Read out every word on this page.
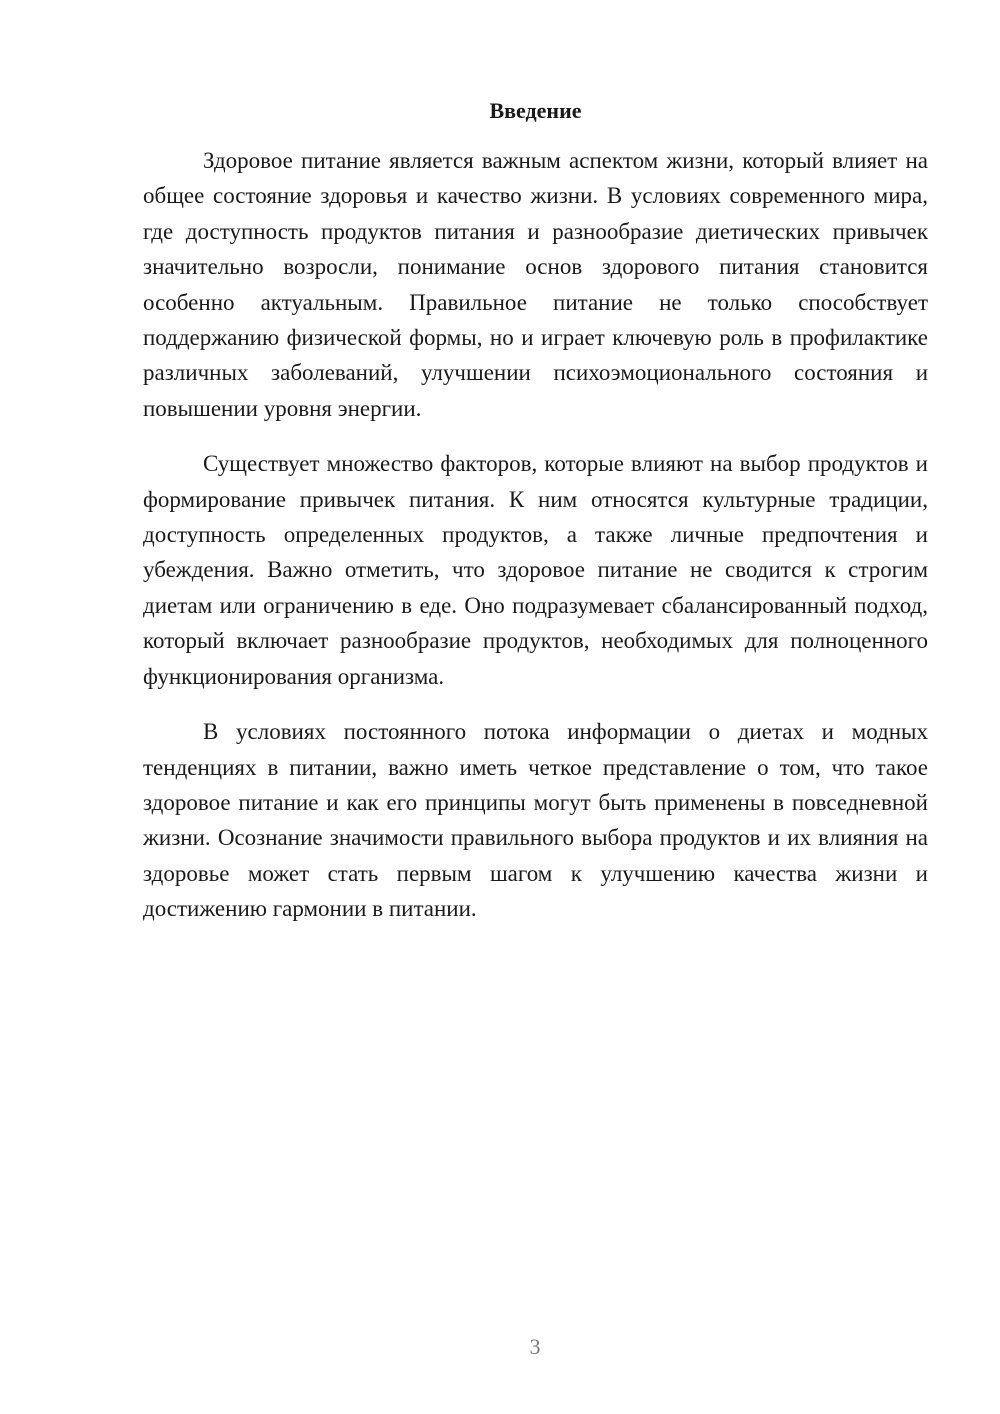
Введение

Здоровое питание является важным аспектом жизни, который влияет на общее состояние здоровья и качество жизни. В условиях современного мира, где доступность продуктов питания и разнообразие диетических привычек значительно возросли, понимание основ здорового питания становится особенно актуальным. Правильное питание не только способствует поддержанию физической формы, но и играет ключевую роль в профилактике различных заболеваний, улучшении психоэмоционального состояния и повышении уровня энергии.

Существует множество факторов, которые влияют на выбор продуктов и формирование привычек питания. К ним относятся культурные традиции, доступность определенных продуктов, а также личные предпочтения и убеждения. Важно отметить, что здоровое питание не сводится к строгим диетам или ограничению в еде. Оно подразумевает сбалансированный подход, который включает разнообразие продуктов, необходимых для полноценного функционирования организма.

В условиях постоянного потока информации о диетах и модных тенденциях в питании, важно иметь четкое представление о том, что такое здоровое питание и как его принципы могут быть применены в повседневной жизни. Осознание значимости правильного выбора продуктов и их влияния на здоровье может стать первым шагом к улучшению качества жизни и достижению гармонии в питании.

3
